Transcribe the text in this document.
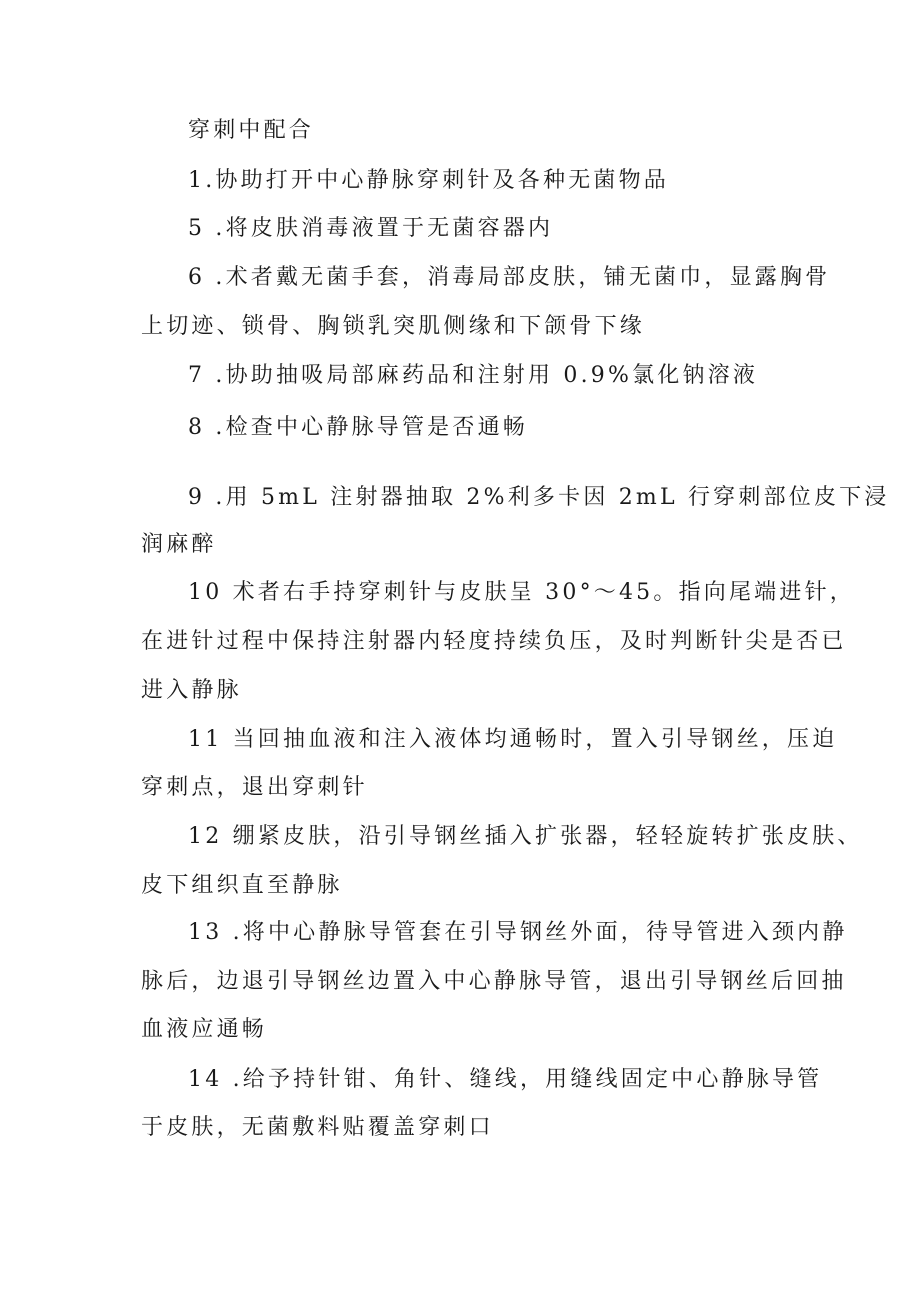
穿刺中配合
1.协助打开中心静脉穿刺针及各种无菌物品
5 .将皮肤消毒液置于无菌容器内
6 .术者戴无菌手套，消毒局部皮肤，铺无菌巾，显露胸骨
上切迹、锁骨、胸锁乳突肌侧缘和下颌骨下缘
7 .协助抽吸局部麻药品和注射用 0.9%氯化钠溶液
8 .检查中心静脉导管是否通畅
9 .用 5mL 注射器抽取 2%利多卡因 2mL 行穿刺部位皮下浸
润麻醉
10 术者右手持穿刺针与皮肤呈 30°～45。指向尾端进针，
在进针过程中保持注射器内轻度持续负压，及时判断针尖是否已
进入静脉
11 当回抽血液和注入液体均通畅时，置入引导钢丝，压迫
穿刺点，退出穿刺针
12 绷紧皮肤，沿引导钢丝插入扩张器，轻轻旋转扩张皮肤、
皮下组织直至静脉
13 .将中心静脉导管套在引导钢丝外面，待导管进入颈内静
脉后，边退引导钢丝边置入中心静脉导管，退出引导钢丝后回抽
血液应通畅
14 .给予持针钳、角针、缝线，用缝线固定中心静脉导管
于皮肤，无菌敷料贴覆盖穿刺口
